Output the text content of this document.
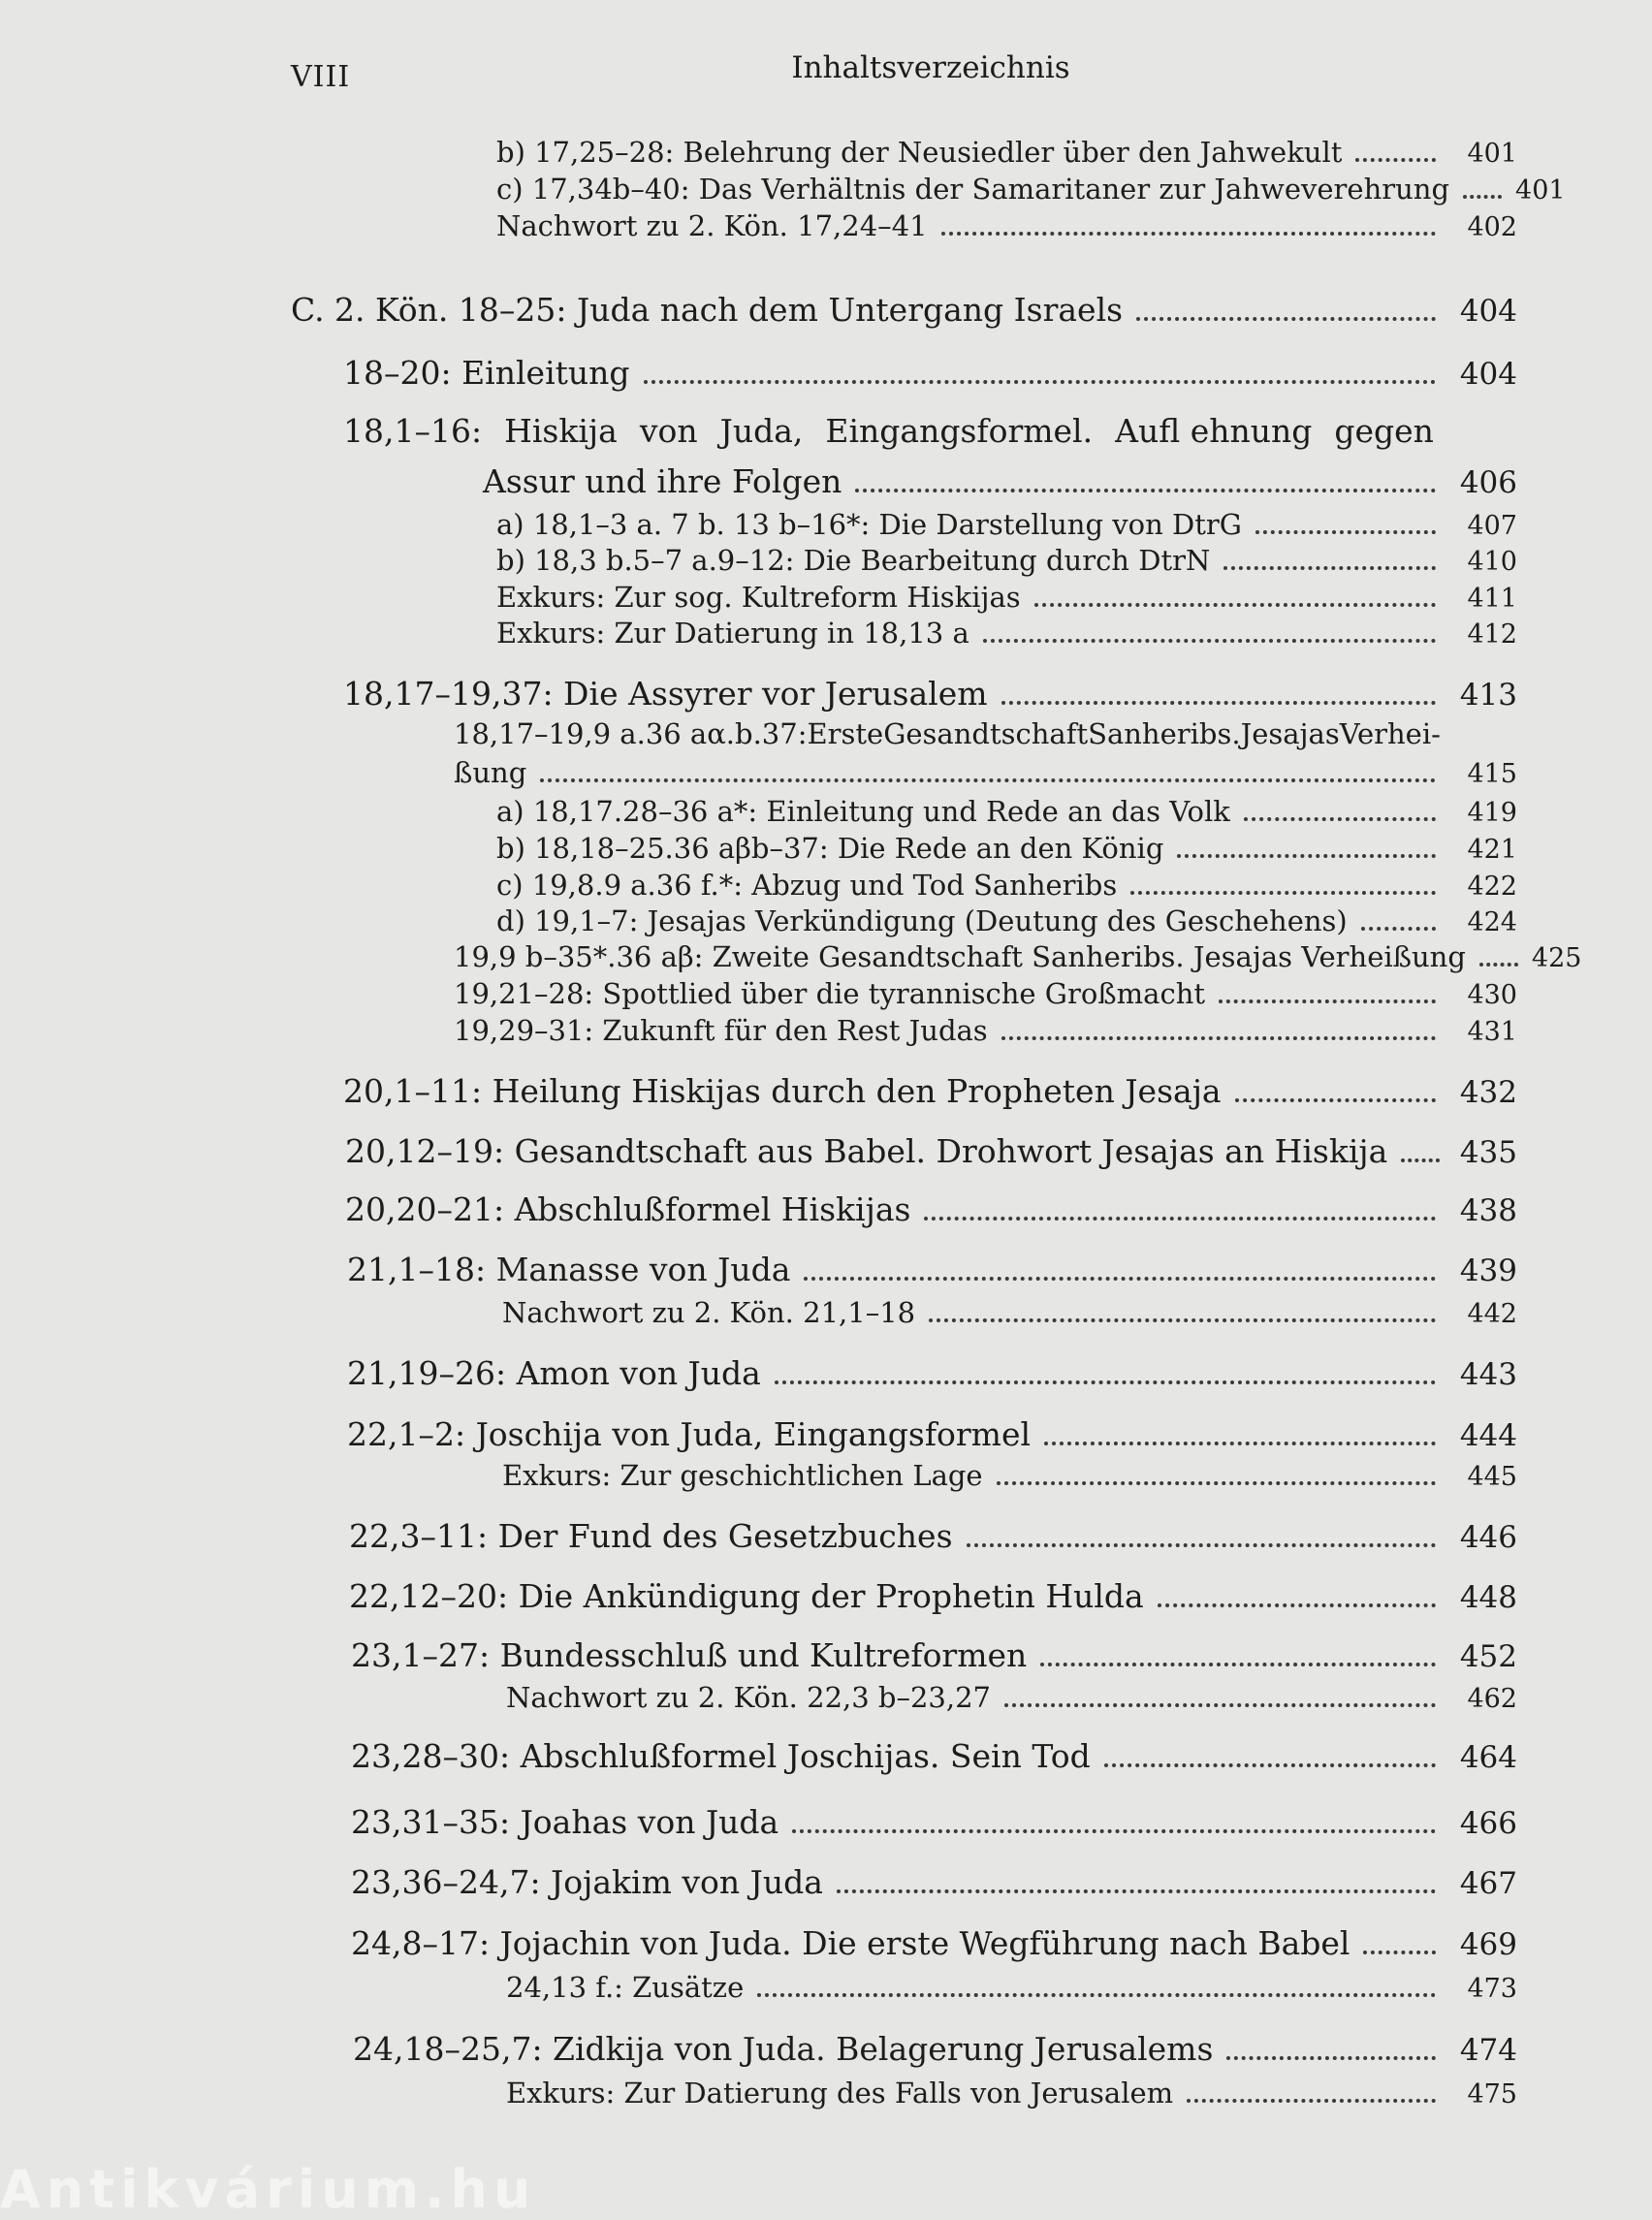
VIII	Inhaltsverzeichnis
b) 17,25–28: Belehrung der Neusiedler über den Jahwekult	401
c) 17,34b–40: Das Verhältnis der Samaritaner zur Jahweverehrung	401
Nachwort zu 2. Kön. 17,24–41	402
C. 2. Kön. 18–25: Juda nach dem Untergang Israels	404
18–20: Einleitung	404
18,1–16: Hiskija von Juda, Eingangsformel. Aufl ehnung gegen
Assur und ihre Folgen	406
a) 18,1–3 a. 7 b. 13 b–16*: Die Darstellung von DtrG	407
b) 18,3 b.5–7 a.9–12: Die Bearbeitung durch DtrN	410
Exkurs: Zur sog. Kultreform Hiskijas	411
Exkurs: Zur Datierung in 18,13 a	412
18,17–19,37: Die Assyrer vor Jerusalem	413
18,17–19,9 a.36 aα.b.37: Erste Gesandtschaft Sanheribs. Jesajas Verhei-
ßung	415
a) 18,17.28–36 a*: Einleitung und Rede an das Volk	419
b) 18,18–25.36 aβb–37: Die Rede an den König	421
c) 19,8.9 a.36 f.*: Abzug und Tod Sanheribs	422
d) 19,1–7: Jesajas Verkündigung (Deutung des Geschehens)	424
19,9 b–35*.36 aβ: Zweite Gesandtschaft Sanheribs. Jesajas Verheißung	425
19,21–28: Spottlied über die tyrannische Großmacht	430
19,29–31: Zukunft für den Rest Judas	431
20,1–11: Heilung Hiskijas durch den Propheten Jesaja	432
20,12–19: Gesandtschaft aus Babel. Drohwort Jesajas an Hiskija 435
20,20–21: Abschlußformel Hiskijas	438
21,1–18: Manasse von Juda	439
Nachwort zu 2. Kön. 21,1–18	442
21,19–26: Amon von Juda	443
22,1–2: Joschija von Juda, Eingangsformel	444
Exkurs: Zur geschichtlichen Lage	445
22,3–11: Der Fund des Gesetzbuches	446
22,12–20: Die Ankündigung der Prophetin Hulda	448
23,1–27: Bundesschluß und Kultreformen	452
Nachwort zu 2. Kön. 22,3 b–23,27	462
23,28–30: Abschlußformel Joschijas. Sein Tod	464
23,31–35: Joahas von Juda	466
23,36–24,7: Jojakim von Juda	467
24,8–17: Jojachin von Juda. Die erste Wegführung nach Babel	469
24,13 f.: Zusätze	473
24,18–25,7: Zidkija von Juda. Belagerung Jerusalems	474
Exkurs: Zur Datierung des Falls von Jerusalem	475
Antikvárium.hu
